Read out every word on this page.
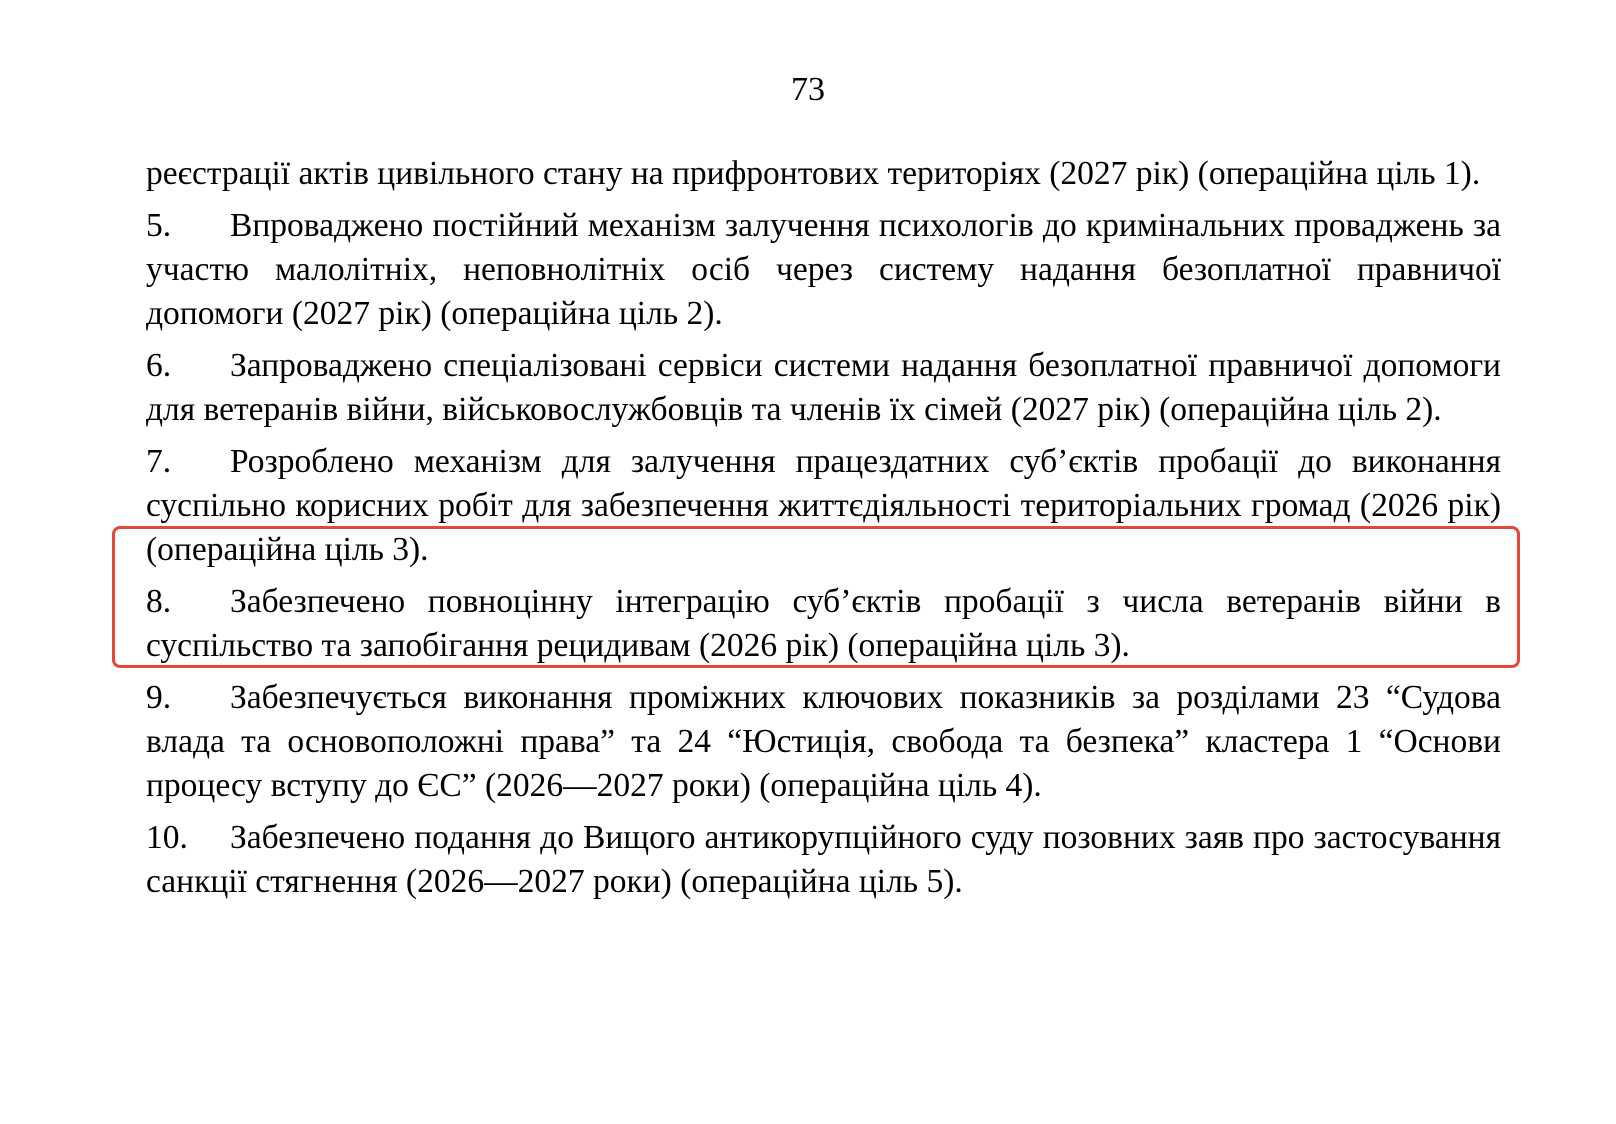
73

реєстрації актів цивільного стану на прифронтових територіях (2027 рік) (операційна ціль 1).

5. Впроваджено постійний механізм залучення психологів до кримінальних проваджень за участю малолітніх, неповнолітніх осіб через систему надання безоплатної правничої допомоги (2027 рік) (операційна ціль 2).

6. Запроваджено спеціалізовані сервіси системи надання безоплатної правничої допомоги для ветеранів війни, військовослужбовців та членів їх сімей (2027 рік) (операційна ціль 2).

7. Розроблено механізм для залучення працездатних суб’єктів пробації до виконання суспільно корисних робіт для забезпечення життєдіяльності територіальних громад (2026 рік) (операційна ціль 3).

8. Забезпечено повноцінну інтеграцію суб’єктів пробації з числа ветеранів війни в суспільство та запобігання рецидивам (2026 рік) (операційна ціль 3).

9. Забезпечується виконання проміжних ключових показників за розділами 23 “Судова влада та основоположні права” та 24 “Юстиція, свобода та безпека” кластера 1 “Основи процесу вступу до ЄС” (2026—2027 роки) (операційна ціль 4).

10. Забезпечено подання до Вищого антикорупційного суду позовних заяв про застосування санкції стягнення (2026—2027 роки) (операційна ціль 5).
